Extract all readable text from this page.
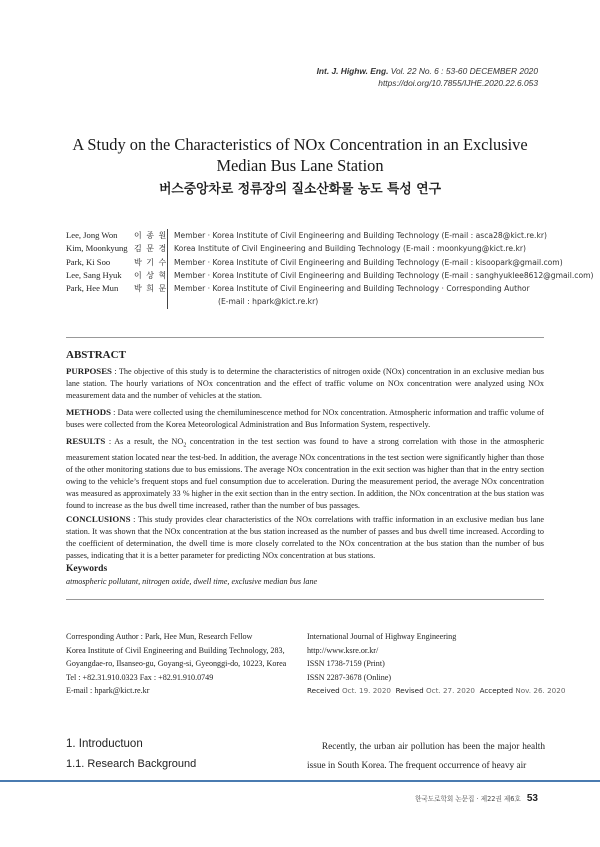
Int. J. Highw. Eng. Vol. 22 No. 6 : 53-60 DECEMBER 2020
https://doi.org/10.7855/IJHE.2020.22.6.053
A Study on the Characteristics of NOx Concentration in an Exclusive
Median Bus Lane Station
버스중앙차로 정류장의 질소산화물 농도 특성 연구
Lee, Jong Won	이 종 원 Member · Korea Institute of Civil Engineering and Building Technology (E-mail : asca28@kict.re.kr)
Kim, Moonkyung 김 문 경 Korea Institute of Civil Engineering and Building Technology (E-mail : moonkyung@kict.re.kr)
Park, Ki Soo	박 기 수 Member · Korea Institute of Civil Engineering and Building Technology (E-mail : kisoopark@gmail.com)
Lee, Sang Hyuk	이 상 혁 Member · Korea Institute of Civil Engineering and Building Technology (E-mail : sanghyuklee8612@gmail.com)
Park, Hee Mun	박 희 문 Member · Korea Institute of Civil Engineering and Building Technology · Corresponding Author
(E-mail : hpark@kict.re.kr)
ABSTRACT
PURPOSES : The objective of this study is to determine the characteristics of nitrogen oxide (NOx) concentration in an exclusive median bus lane station. The hourly variations of NOx concentration and the effect of traffic volume on NOx concentration were analyzed using NOx measurement data and the number of vehicles at the station.
METHODS : Data were collected using the chemiluminescence method for NOx concentration. Atmospheric information and traffic volume of buses were collected from the Korea Meteorological Administration and Bus Information System, respectively.
RESULTS : As a result, the $NO_2$ concentration in the test section was found to have a strong correlation with those in the atmospheric measurement station located near the test-bed. In addition, the average NOx concentrations in the test section were significantly higher than those of the other monitoring stations due to bus emissions. The average NOx concentration in the exit section was higher than that in the entry section owing to the vehicle’s frequent stops and fuel consumption due to acceleration. During the measurement period, the average NOx concentration was measured as approximately 33 % higher in the exit section than in the entry section. In addition, the NOx concentration at the bus station was found to increase as the bus dwell time increased, rather than the number of bus passages.
CONCLUSIONS : This study provides clear characteristics of the NOx correlations with traffic information in an exclusive median bus lane station. It was shown that the NOx concentration at the bus station increased as the number of passes and bus dwell time increased. According to the coefficient of determination, the dwell time is more closely correlated to the NOx concentration at the bus station than the number of bus passes, indicating that it is a better parameter for predicting NOx concentration at bus stations.
Keywords
atmospheric pollutant, nitrogen oxide, dwell time, exclusive median bus lane
Corresponding Author : Park, Hee Mun, Research Fellow
Korea Institute of Civil Engineering and Building Technology, 283,
Goyangdae-ro, Ilsanseo-gu, Goyang-si, Gyeonggi-do, 10223, Korea
Tel : +82.31.910.0323 Fax : +82.91.910.0749
E-mail : hpark@kict.re.kr
International Journal of Highway Engineering
http://www.ksre.or.kr/
ISSN 1738-7159 (Print)
ISSN 2287-3678 (Online)
Received Oct. 19. 2020 Revised Oct. 27. 2020 Accepted Nov. 26. 2020
1. Introductuon
1.1. Research Background
Recently, the urban air pollution has been the major health issue in South Korea. The frequent occurrence of heavy air
한국도로학회 논문집 · 제22권 제6호 53
